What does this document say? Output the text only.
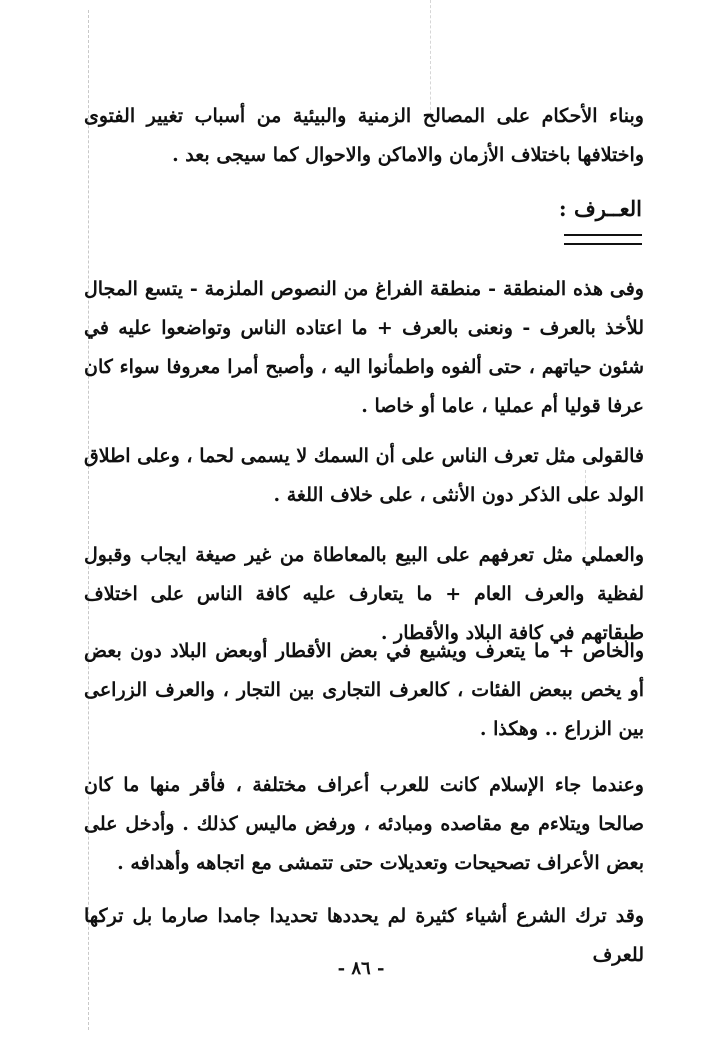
وبناء الأحكام على المصالح الزمنية والبيئية من أسباب تغيير الفتوى واختلافها باختلاف الأزمان والاماكن والاحوال كما سيجى بعد .

العــرف :

وفى هذه المنطقة - منطقة الفراغ من النصوص الملزمة - يتسع المجال للأخذ بالعرف - ونعنى بالعرف + ما اعتاده الناس وتواضعوا عليه في شئون حياتهم ، حتى ألفوه واطمأنوا اليه ، وأصبح أمرا معروفا سواء كان عرفا قوليا أم عمليا ، عاما أو خاصا .

فالقولى مثل تعرف الناس على أن السمك لا يسمى لحما ، وعلى اطلاق الولد على الذكر دون الأنثى ، على خلاف اللغة .

والعملي مثل تعرفهم على البيع بالمعاطاة من غير صيغة ايجاب وقبول لفظية والعرف العام + ما يتعارف عليه كافة الناس على اختلاف طبقاتهم في كافة البلاد والأقطار .

والخاص + ما يتعرف ويشيع في بعض الأقطار أوبعض البلاد دون بعض أو يخص ببعض الفئات ، كالعرف التجارى بين التجار ، والعرف الزراعى بين الزراع .. وهكذا .

وعندما جاء الإسلام كانت للعرب أعراف مختلفة ، فأقر منها ما كان صالحا ويتلاءم مع مقاصده ومبادئه ، ورفض ماليس كذلك . وأدخل على بعض الأعراف تصحيحات وتعديلات حتى تتمشى مع اتجاهه وأهدافه .

وقد ترك الشرع أشياء كثيرة لم يحددها تحديدا جامدا صارما بل تركها للعرف

- ٨٦ -
